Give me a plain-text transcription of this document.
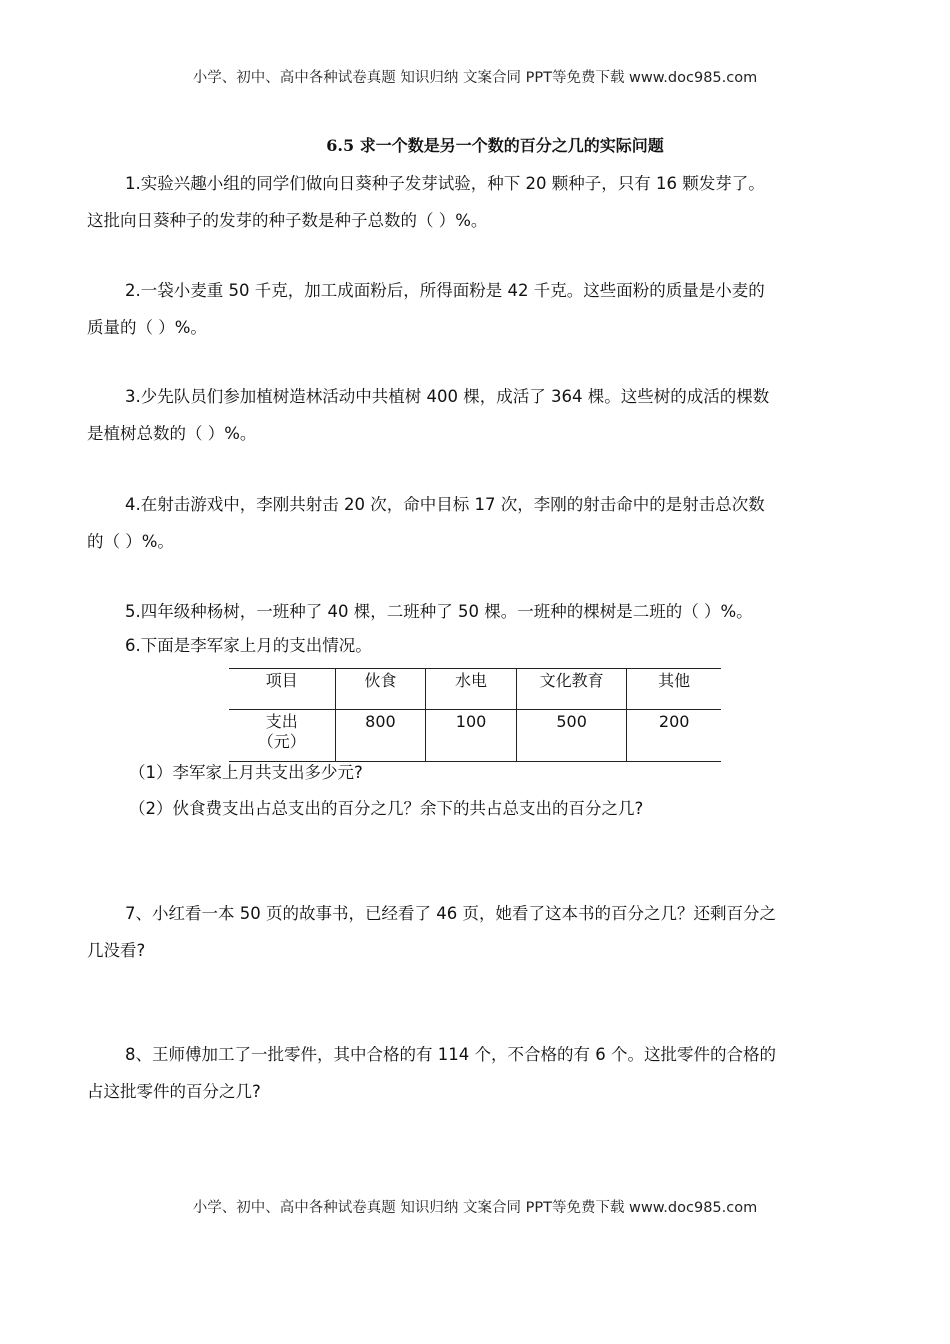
小学、初中、高中各种试卷真题 知识归纳 文案合同 PPT等免费下载 www.doc985.com
6.5 求一个数是另一个数的百分之几的实际问题
1.实验兴趣小组的同学们做向日葵种子发芽试验，种下 20 颗种子，只有 16 颗发芽了。
这批向日葵种子的发芽的种子数是种子总数的（ ）%。
2.一袋小麦重 50 千克，加工成面粉后，所得面粉是 42 千克。这些面粉的质量是小麦的
质量的（ ）%。
3.少先队员们参加植树造林活动中共植树 400 棵，成活了 364 棵。这些树的成活的棵数
是植树总数的（ ）%。
4.在射击游戏中，李刚共射击 20 次，命中目标 17 次，李刚的射击命中的是射击总次数
的（ ）%。
5.四年级种杨树，一班种了 40 棵，二班种了 50 棵。一班种的棵树是二班的（ ）%。
6.下面是李军家上月的支出情况。
项目	伙食	水电	文化教育	其他

支出
（元）	800	100	500	200
（1）李军家上月共支出多少元?
（2）伙食费支出占总支出的百分之几？余下的共占总支出的百分之几?
7、小红看一本 50 页的故事书，已经看了 46 页，她看了这本书的百分之几？还剩百分之
几没看?
8、王师傅加工了一批零件，其中合格的有 114 个，不合格的有 6 个。这批零件的合格的
占这批零件的百分之几?
小学、初中、高中各种试卷真题 知识归纳 文案合同 PPT等免费下载 www.doc985.com
